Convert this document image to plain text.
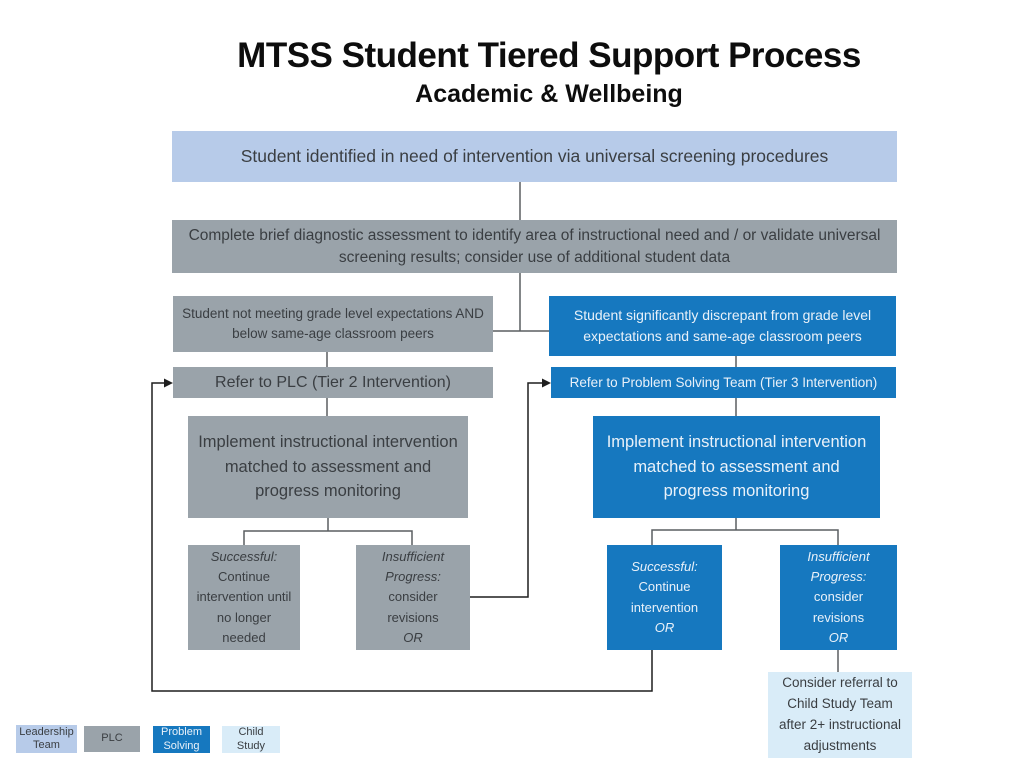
MTSS Student Tiered Support Process
Academic & Wellbeing
Student identified in need of intervention via universal screening procedures
Complete brief diagnostic assessment to identify area of instructional need and / or validate universal screening results; consider use of additional student data
Student not meeting grade level expectations AND below same-age classroom peers
Student significantly discrepant from grade level expectations and same-age classroom peers
Refer to PLC (Tier 2 Intervention)	Refer to Problem Solving Team (Tier 3 Intervention)
Implement instructional intervention matched to assessment and progress monitoring
Implement instructional intervention matched to assessment and progress monitoring
Successful:
Continue intervention until no longer needed
Insufficient Progress:
consider revisions
OR
Successful:
Continue intervention
OR
Insufficient Progress:
consider revisions
OR
Consider referral to Child Study Team after 2+ instructional adjustments
Leadership Team
PLC
Problem Solving
Child Study
